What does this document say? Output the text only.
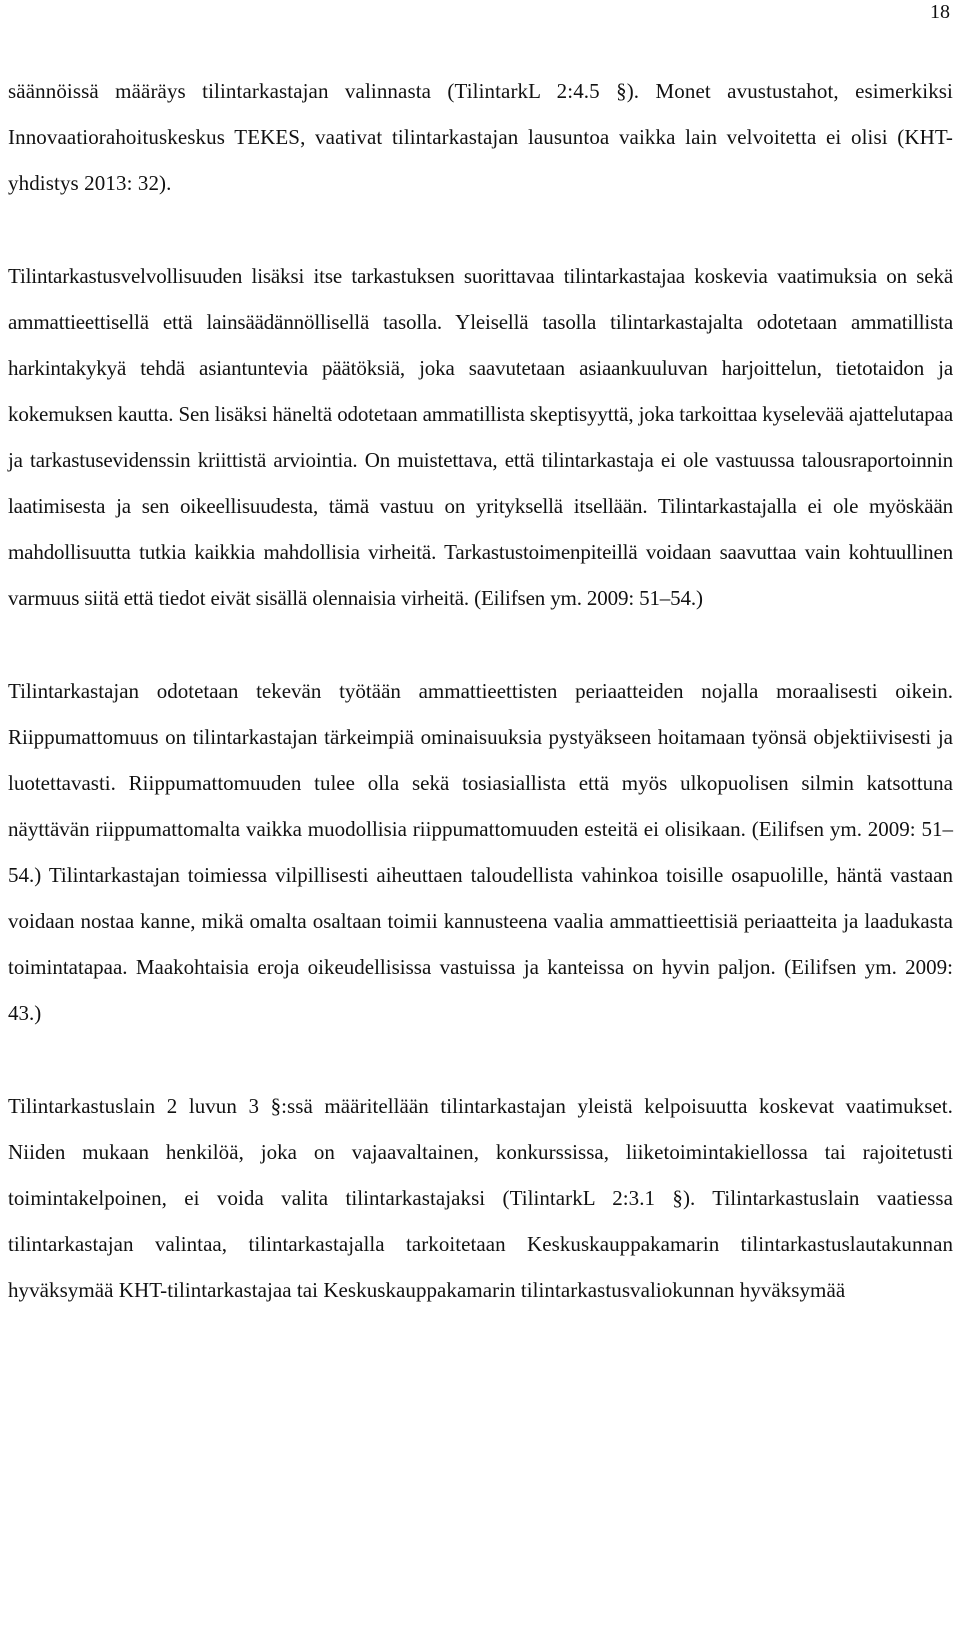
18

säännöissä määräys tilintarkastajan valinnasta (TilintarkL 2:4.5 §). Monet avustustahot, esimerkiksi Innovaatiorahoituskeskus TEKES, vaativat tilintarkastajan lausuntoa vaikka lain velvoitetta ei olisi (KHT-yhdistys 2013: 32).

Tilintarkastusvelvollisuuden lisäksi itse tarkastuksen suorittavaa tilintarkastajaa koskevia vaatimuksia on sekä ammattieettisellä että lainsäädännöllisellä tasolla. Yleisellä tasolla tilintarkastajalta odotetaan ammatillista harkintakykyä tehdä asiantuntevia päätöksiä, joka saavutetaan asiaankuuluvan harjoittelun, tietotaidon ja kokemuksen kautta. Sen lisäksi häneltä odotetaan ammatillista skeptisyyttä, joka tarkoittaa kyselevää ajattelutapaa ja tarkastusevidenssin kriittistä arviointia. On muistettava, että tilintarkastaja ei ole vastuussa talousraportoinnin laatimisesta ja sen oikeellisuudesta, tämä vastuu on yrityksellä itsellään. Tilintarkastajalla ei ole myöskään mahdollisuutta tutkia kaikkia mahdollisia virheitä. Tarkastustoimenpiteillä voidaan saavuttaa vain kohtuullinen varmuus siitä että tiedot eivät sisällä olennaisia virheitä. (Eilifsen ym. 2009: 51–54.)

Tilintarkastajan odotetaan tekevän työtään ammattieettisten periaatteiden nojalla moraalisesti oikein. Riippumattomuus on tilintarkastajan tärkeimpiä ominaisuuksia pystyäkseen hoitamaan työnsä objektiivisesti ja luotettavasti. Riippumattomuuden tulee olla sekä tosiasiallista että myös ulkopuolisen silmin katsottuna näyttävän riippumattomalta vaikka muodollisia riippumattomuuden esteitä ei olisikaan. (Eilifsen ym. 2009: 51–54.) Tilintarkastajan toimiessa vilpillisesti aiheuttaen taloudellista vahinkoa toisille osapuolille, häntä vastaan voidaan nostaa kanne, mikä omalta osaltaan toimii kannusteena vaalia ammattieettisiä periaatteita ja laadukasta toimintatapaa. Maakohtaisia eroja oikeudellisissa vastuissa ja kanteissa on hyvin paljon. (Eilifsen ym. 2009: 43.)

Tilintarkastuslain 2 luvun 3 §:ssä määritellään tilintarkastajan yleistä kelpoisuutta koskevat vaatimukset. Niiden mukaan henkilöä, joka on vajaavaltainen, konkurssissa, liiketoimintakiellossa tai rajoitetusti toimintakelpoinen, ei voida valita tilintarkastajaksi (TilintarkL 2:3.1 §). Tilintarkastuslain vaatiessa tilintarkastajan valintaa, tilintarkastajalla tarkoitetaan Keskuskauppakamarin tilintarkastuslautakunnan hyväksymää KHT-tilintarkastajaa tai Keskuskauppakamarin tilintarkastusvaliokunnan hyväksymää
